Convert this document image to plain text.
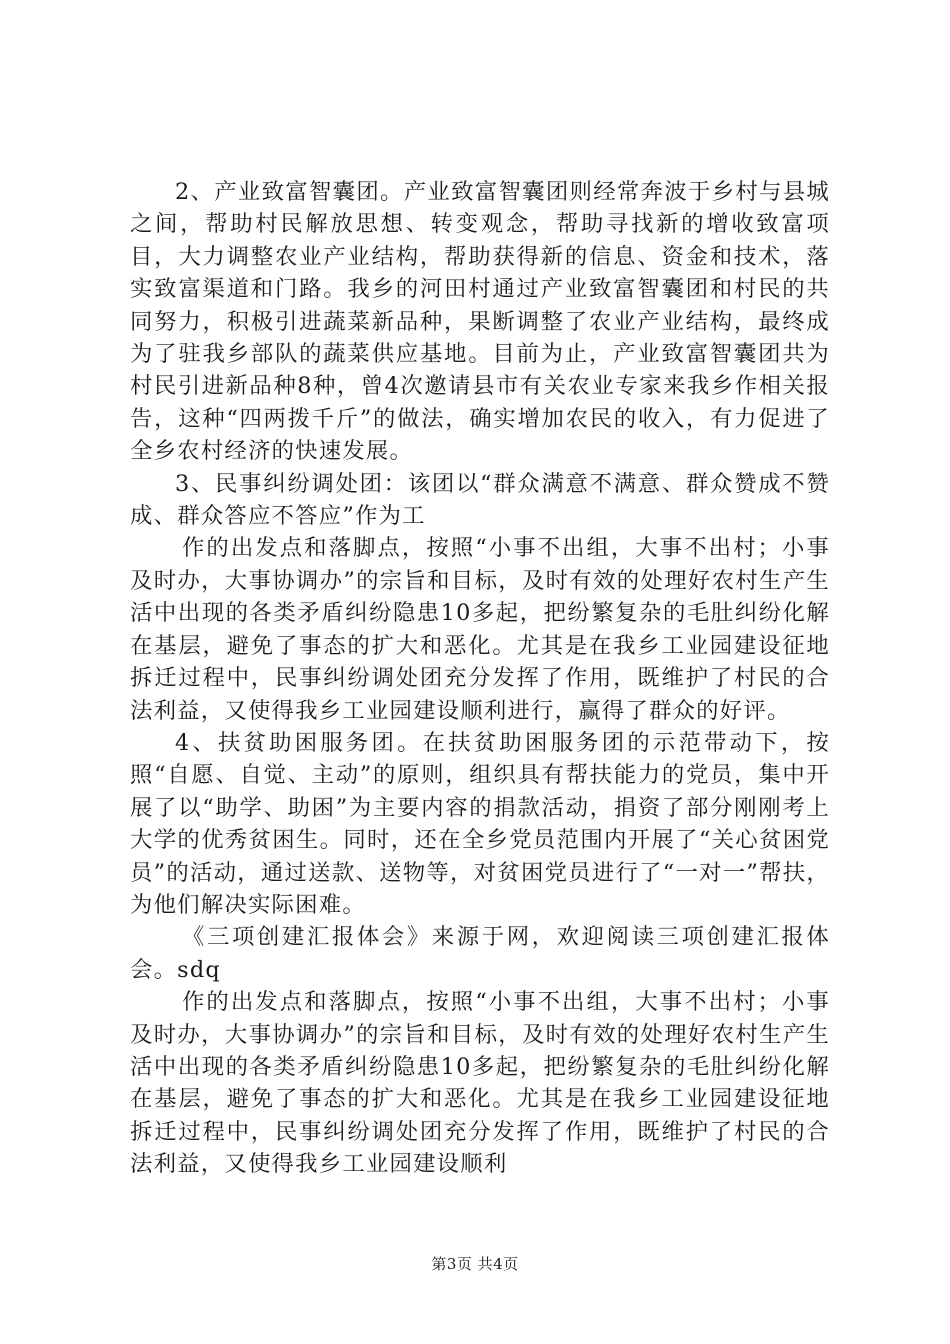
2、产业致富智囊团。产业致富智囊团则经常奔波于乡村与县城之间，帮助村民解放思想、转变观念，帮助寻找新的增收致富项目，大力调整农业产业结构，帮助获得新的信息、资金和技术，落实致富渠道和门路。我乡的河田村通过产业致富智囊团和村民的共同努力，积极引进蔬菜新品种，果断调整了农业产业结构，最终成为了驻我乡部队的蔬菜供应基地。目前为止，产业致富智囊团共为村民引进新品种8种，曾4次邀请县市有关农业专家来我乡作相关报告，这种“四两拨千斤”的做法，确实增加农民的收入，有力促进了全乡农村经济的快速发展。

3、民事纠纷调处团：该团以“群众满意不满意、群众赞成不赞成、群众答应不答应”作为工

作的出发点和落脚点，按照“小事不出组，大事不出村；小事及时办，大事协调办”的宗旨和目标，及时有效的处理好农村生产生活中出现的各类矛盾纠纷隐患10多起，把纷繁复杂的毛肚纠纷化解在基层，避免了事态的扩大和恶化。尤其是在我乡工业园建设征地拆迁过程中，民事纠纷调处团充分发挥了作用，既维护了村民的合法利益，又使得我乡工业园建设顺利进行，赢得了群众的好评。

4、扶贫助困服务团。在扶贫助困服务团的示范带动下，按照“自愿、自觉、主动”的原则，组织具有帮扶能力的党员，集中开展了以“助学、助困”为主要内容的捐款活动，捐资了部分刚刚考上大学的优秀贫困生。同时，还在全乡党员范围内开展了“关心贫困党员”的活动，通过送款、送物等，对贫困党员进行了“一对一”帮扶，为他们解决实际困难。

《三项创建汇报体会》来源于网，欢迎阅读三项创建汇报体会。sdq

作的出发点和落脚点，按照“小事不出组，大事不出村；小事及时办，大事协调办”的宗旨和目标，及时有效的处理好农村生产生活中出现的各类矛盾纠纷隐患10多起，把纷繁复杂的毛肚纠纷化解在基层，避免了事态的扩大和恶化。尤其是在我乡工业园建设征地拆迁过程中，民事纠纷调处团充分发挥了作用，既维护了村民的合法利益，又使得我乡工业园建设顺利

第3页 共4页
